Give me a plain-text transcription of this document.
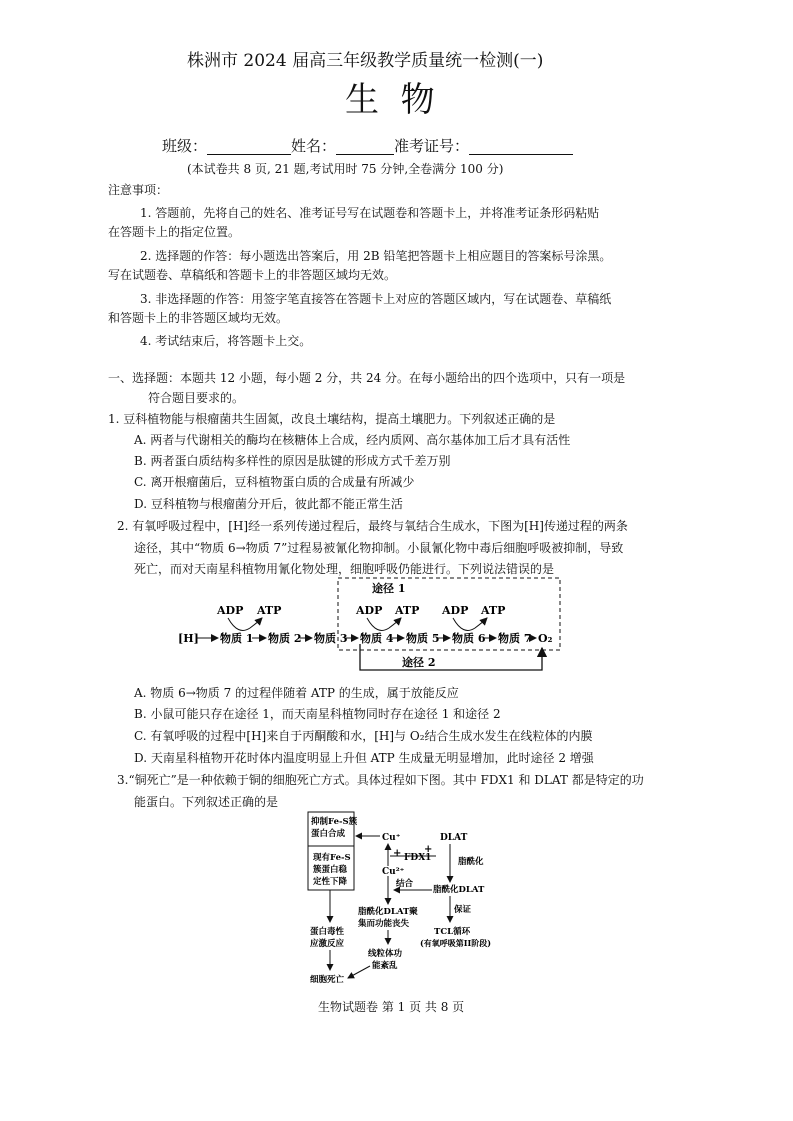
株洲市 2024 届高三年级教学质量统一检测(一)
生  物
班级：	姓名：	准考证号：
(本试卷共 8 页, 21 题,考试用时 75 分钟,全卷满分 100 分)
注意事项：
1. 答题前，先将自己的姓名、准考证号写在试题卷和答题卡上，并将准考证条形码粘贴
在答题卡上的指定位置。
2. 选择题的作答：每小题选出答案后，用 2B 铅笔把答题卡上相应题目的答案标号涂黑。
写在试题卷、草稿纸和答题卡上的非答题区域均无效。
3. 非选择题的作答：用签字笔直接答在答题卡上对应的答题区域内，写在试题卷、草稿纸
和答题卡上的非答题区域均无效。
4. 考试结束后，将答题卡上交。
一、选择题：本题共 12 小题，每小题 2 分，共 24 分。在每小题给出的四个选项中，只有一项是
符合题目要求的。
1. 豆科植物能与根瘤菌共生固氮，改良土壤结构，提高土壤肥力。下列叙述正确的是
A. 两者与代谢相关的酶均在核糖体上合成，经内质网、高尔基体加工后才具有活性
B. 两者蛋白质结构多样性的原因是肽键的形成方式千差万别
C. 离开根瘤菌后，豆科植物蛋白质的合成量有所减少
D. 豆科植物与根瘤菌分开后，彼此都不能正常生活
2. 有氧呼吸过程中，[H]经一系列传递过程后，最终与氧结合生成水，下图为[H]传递过程的两条
途径，其中“物质 6→物质 7”过程易被氰化物抑制。小鼠氰化物中毒后细胞呼吸被抑制，导致
死亡，而对天南星科植物用氰化物处理，细胞呼吸仍能进行。下列说法错误的是
途径 1
ADP ATP	ADP ATP ADP ATP
[H] 物质 1 物质 2 物质 3 物质 4 物质 5 物质 6 物质 7 O₂
途径 2
A. 物质 6→物质 7 的过程伴随着 ATP 的生成，属于放能反应
B. 小鼠可能只存在途径 1，而天南星科植物同时存在途径 1 和途径 2
C. 有氧呼吸的过程中[H]来自于丙酮酸和水，[H]与 O₂结合生成水发生在线粒体的内膜
D. 天南星科植物开花时体内温度明显上升但 ATP 生成量无明显增加，此时途径 2 增强
3.“铜死亡”是一种依赖于铜的细胞死亡方式。具体过程如下图。其中 FDX1 和 DLAT 都是特定的功
能蛋白。下列叙述正确的是
抑制Fe-S簇
蛋白合成
现有Fe-S
簇蛋白稳
定性下降
Cu⁺
Cu²⁺
+ +
FDX1
DLAT
脂酰化
脂酰化DLAT
结合
脂酰化DLAT聚
集而功能丧失
保证
TCL循环
(有氧呼吸第II阶段)
蛋白毒性
应激反应
线粒体功
能紊乱
细胞死亡
生物试题卷 第 1 页 共 8 页
